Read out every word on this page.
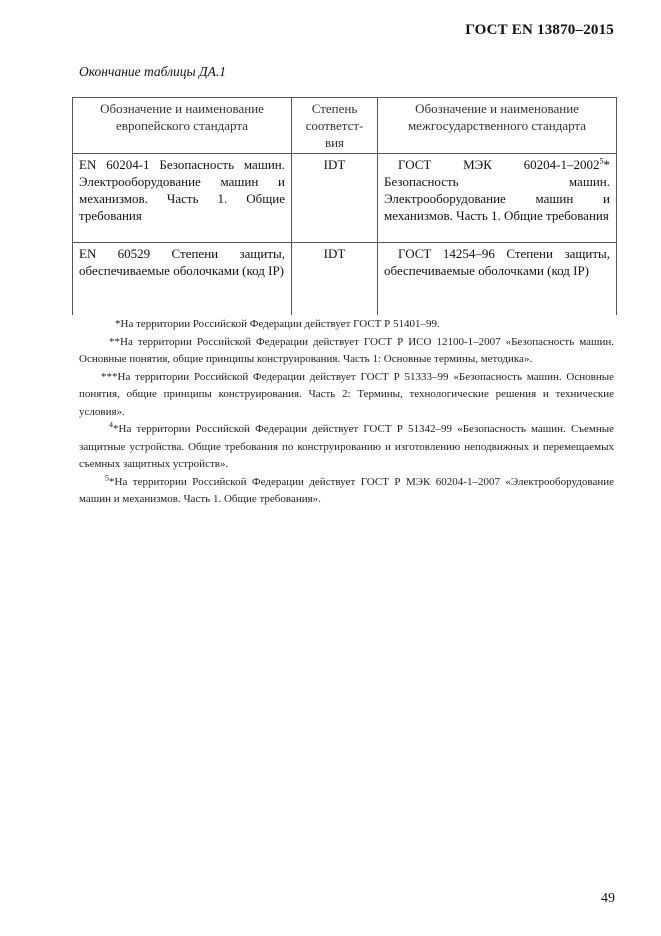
ГОСТ EN 13870–2015
Окончание таблицы ДА.1
Обозначение и наименование европейского стандарта	Степень соответст-вия	Обозначение и наименование межгосударственного стандарта
EN 60204-1 Безопасность машин. Электрооборудование машин и механизмов. Часть 1. Общие требования	IDT	ГОСТ МЭК 60204-1–2002$^5$* Безопасность машин. Электрооборудование машин и механизмов. Часть 1. Общие требования
EN 60529 Степени защиты, обеспечиваемые оболочками (код IP)	IDT	ГОСТ 14254–96 Степени защиты, обеспечиваемые оболочками (код IP)

*На территории Российской Федерации действует ГОСТ Р 51401–99.

**На территории Российской Федерации действует ГОСТ Р ИСО 12100-1–2007 «Безопасность машин. Основные понятия, общие принципы конструирования. Часть 1: Основные термины, методика».

***На территории Российской Федерации действует ГОСТ Р 51333–99 «Безопасность машин. Основные понятия, общие принципы конструирования. Часть 2: Термины, технологические решения и технические условия».

$^4$*На территории Российской Федерации действует ГОСТ Р 51342–99 «Безопасность машин. Съемные защитные устройства. Общие требования по конструированию и изготовлению неподвижных и перемещаемых съемных защитных устройств».

$^5$*На территории Российской Федерации действует ГОСТ Р МЭК 60204-1–2007 «Электрооборудование машин и механизмов. Часть 1. Общие требования».

49
